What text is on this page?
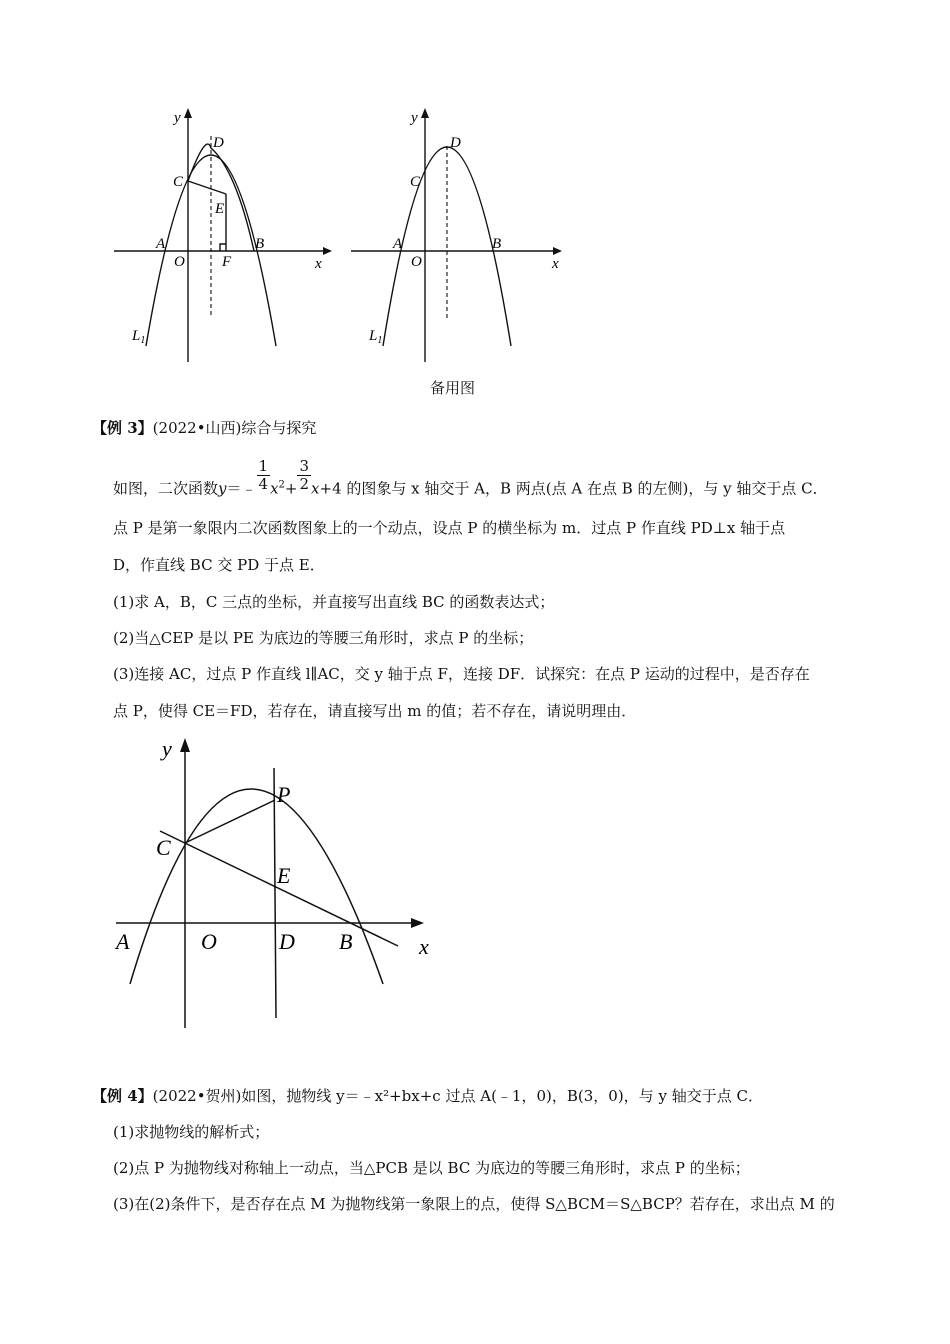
y
D
C
E
A	B
O F	x
$L_1$
y
D
C
A	B
O	x
$L_1$
备用图
【例 3】(2022•山西)综合与探究
如图，二次函数y＝﹣ $\frac{1}{4} x^2+ \frac{3}{2} x+4$ 的图象与 x 轴交于 A，B 两点(点 A 在点 B 的左侧)，与 y 轴交于点 C．
点 P 是第一象限内二次函数图象上的一个动点，设点 P 的横坐标为 m．过点 P 作直线 PD⊥x 轴于点
D，作直线 BC 交 PD 于点 E．
(1)求 A，B，C 三点的坐标，并直接写出直线 BC 的函数表达式；
(2)当△CEP 是以 PE 为底边的等腰三角形时，求点 P 的坐标；
(3)连接 AC，过点 P 作直线 l∥AC，交 y 轴于点 F，连接 DF．试探究：在点 P 运动的过程中，是否存在
点 P，使得 CE＝FD，若存在，请直接写出 m 的值；若不存在，请说明理由．
y
P
C
E
A	O	D B	x
【例 4】(2022•贺州)如图，抛物线 y＝﹣x²+bx+c 过点 A(﹣1，0)，B(3，0)，与 y 轴交于点 C．
(1)求抛物线的解析式；
(2)点 P 为抛物线对称轴上一动点，当△PCB 是以 BC 为底边的等腰三角形时，求点 P 的坐标；
(3)在(2)条件下，是否存在点 M 为抛物线第一象限上的点，使得 S△BCM＝S△BCP？若存在，求出点 M 的
